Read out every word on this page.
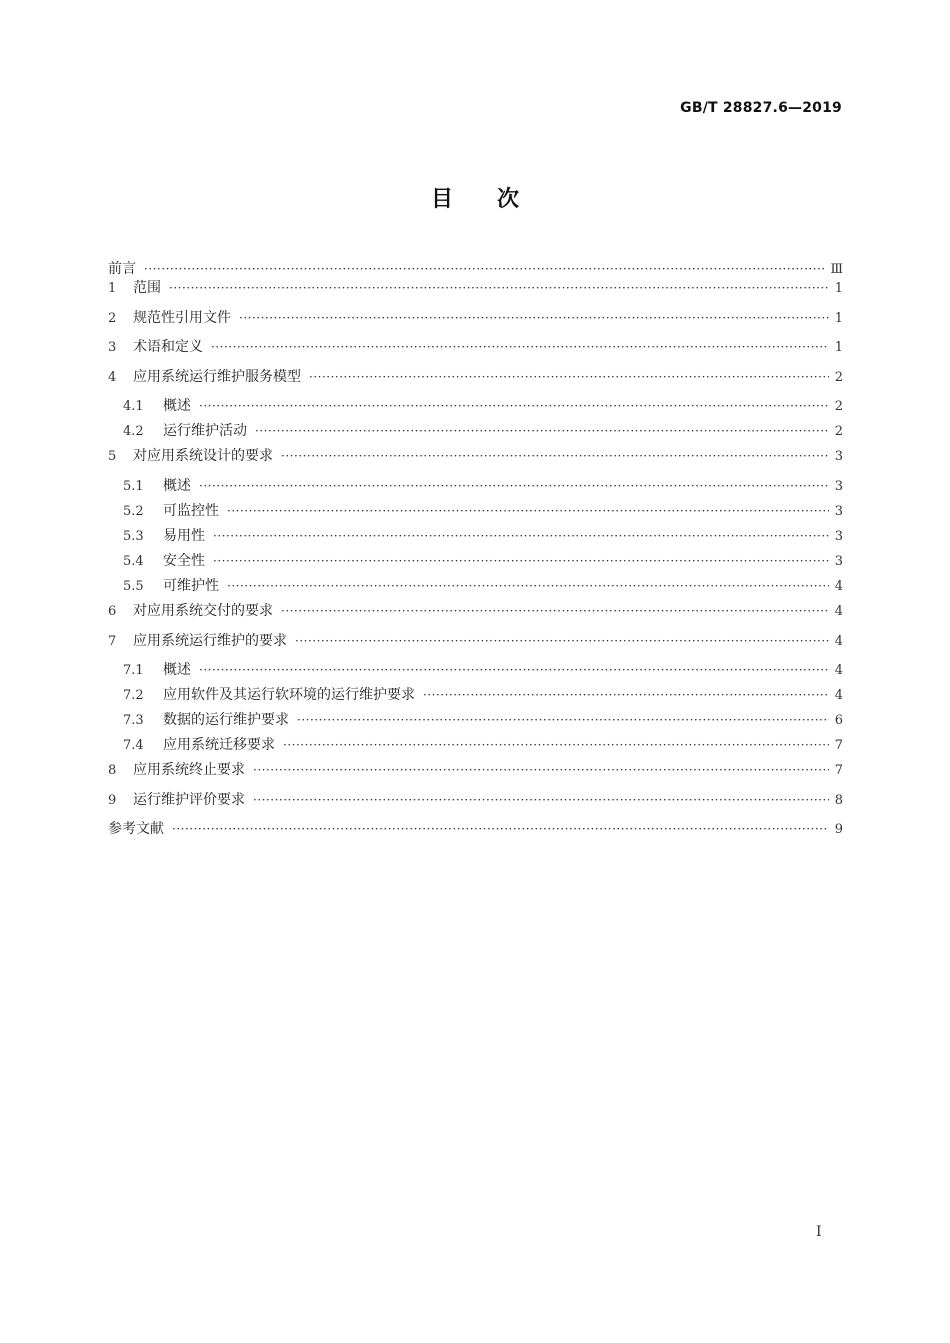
GB/T 28827.6—2019
目次
前言 ·····	Ⅲ
1	范围 ·····	1
2	规范性引用文件 ·····	1
3	术语和定义 ·····	1
4	应用系统运行维护服务模型 ·····	2
4.1	概述 ·····	2
4.2	运行维护活动 ·····	2
5	对应用系统设计的要求 ·····	3
5.1	概述 ·····	3
5.2	可监控性 ·····	3
5.3	易用性 ·····	3
5.4	安全性 ·····	3
5.5	可维护性 ·····	4
6	对应用系统交付的要求 ·····	4
7	应用系统运行维护的要求 ·····	4
7.1	概述 ·····	4
7.2	应用软件及其运行软环境的运行维护要求 ·····	4
7.3	数据的运行维护要求 ·····	6
7.4	应用系统迁移要求 ·····	7
8	应用系统终止要求 ·····	7
9	运行维护评价要求 ·····	8
参考文献 ·····	9
Ⅰ
